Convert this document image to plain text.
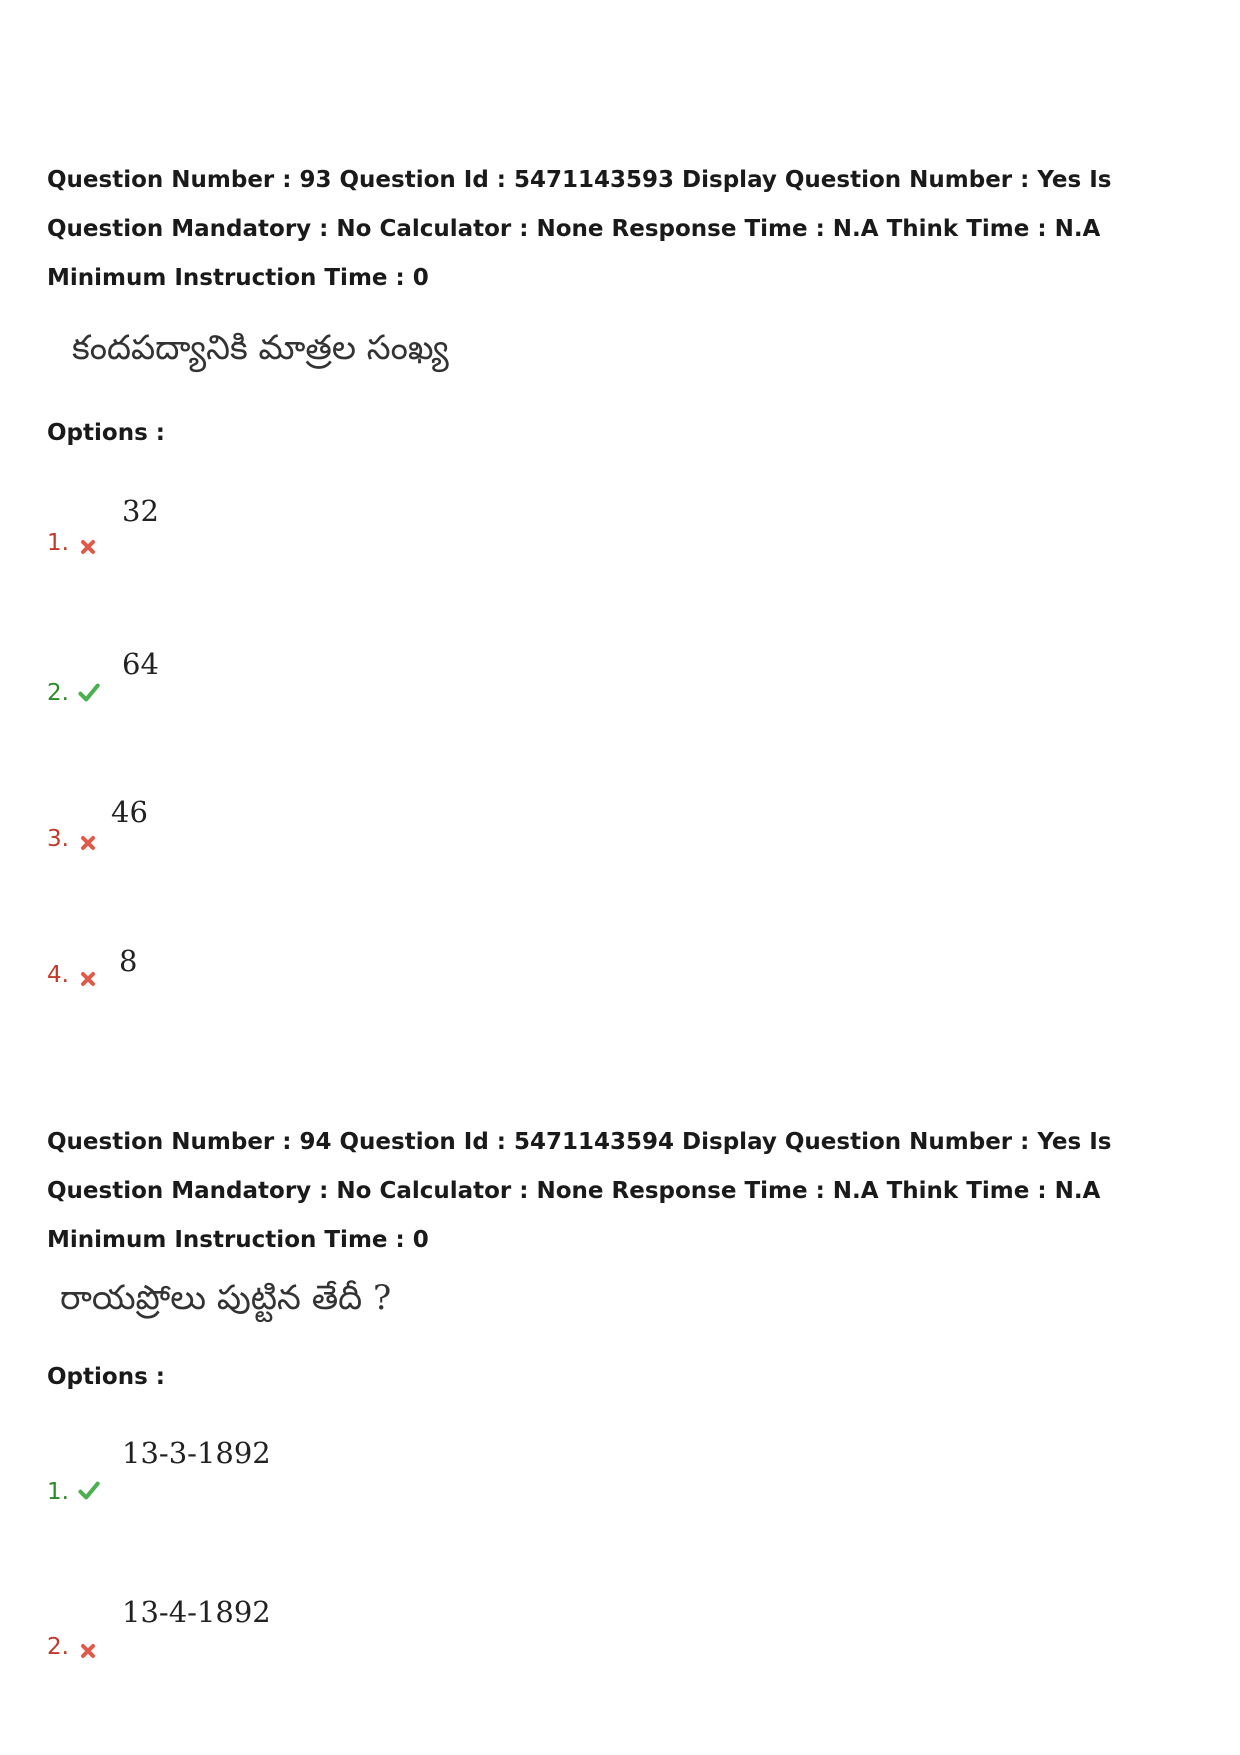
Question Number : 93 Question Id : 5471143593 Display Question Number : Yes Is Question Mandatory : No Calculator : None Response Time : N.A Think Time : N.A Minimum Instruction Time : 0

కందపద్యానికి మాత్రల సంఖ్య

Options :

32
1.
64
2.
46
3.
8
4.

Question Number : 94 Question Id : 5471143594 Display Question Number : Yes Is Question Mandatory : No Calculator : None Response Time : N.A Think Time : N.A Minimum Instruction Time : 0

రాయప్రోలు పుట్టిన తేదీ ?

Options :

13-3-1892
1.
13-4-1892
2.
